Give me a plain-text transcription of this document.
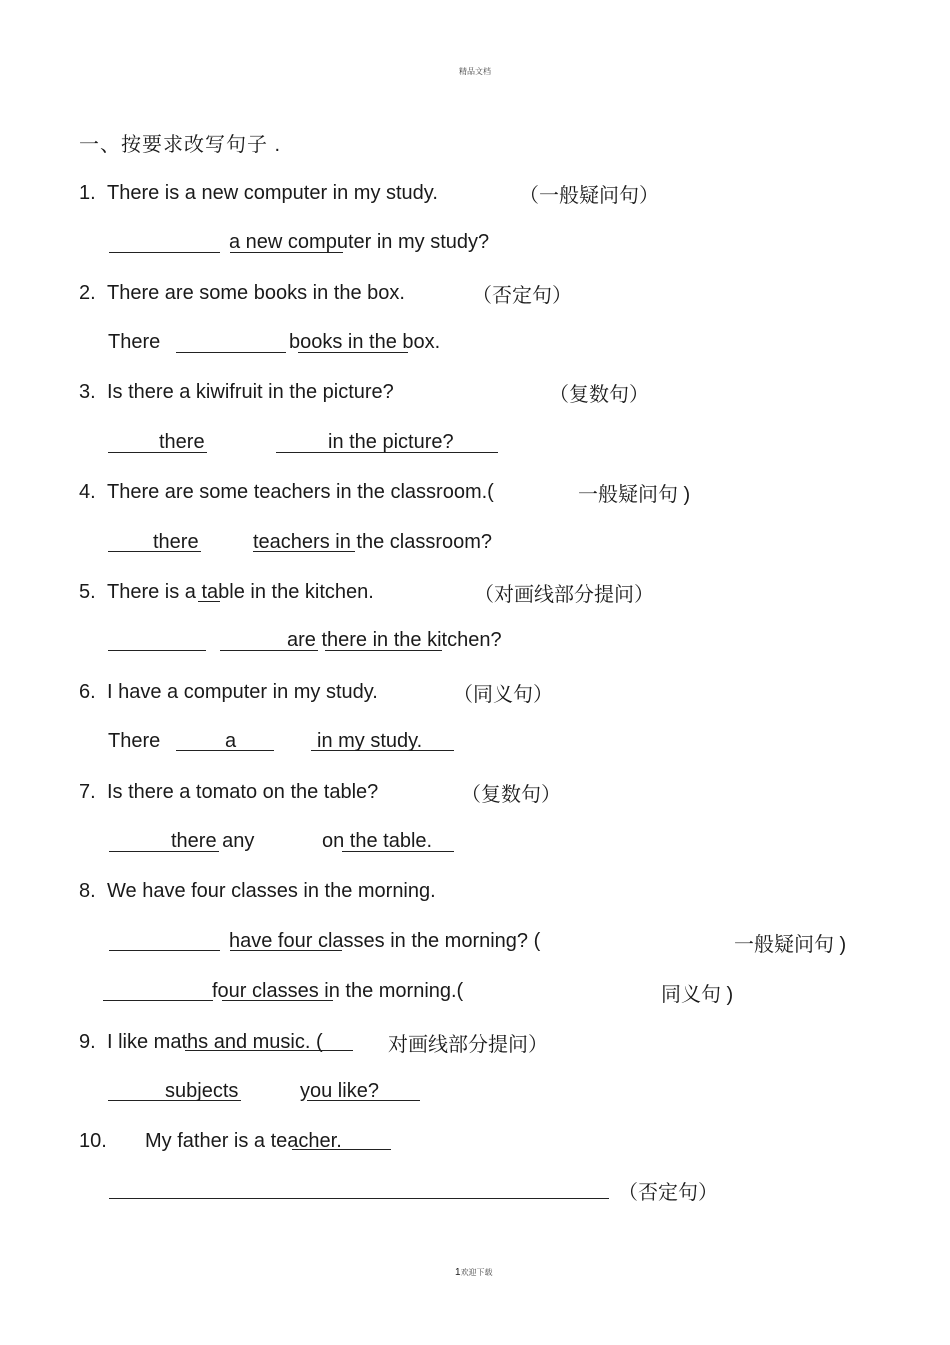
精品文档
一、按要求改写句子 .
1. There is a new computer in my study.	（一般疑问句）
a new computer in my study?
2. There are some books in the box.	（否定句）
There	books in the box.
3. Is there a kiwifruit in the picture?	（复数句）
there	in the picture?
4. There are some teachers in the classroom.(	一般疑问句 )
there	teachers in the classroom?
5. There is a table in the kitchen.	（对画线部分提问）
are there in the kitchen?
6. I have a computer in my study.	（同义句）
There	a	in my study.
7. Is there a tomato on the table?	（复数句）
there any	on the table.
8. We have four classes in the morning.
have four classes in the morning? (	一般疑问句 )
four classes in the morning.(	同义句 )
9. I like maths and music. (	对画线部分提问）
subjects	you like?
10. My father is a teacher.
（否定句）
1欢迎下载
